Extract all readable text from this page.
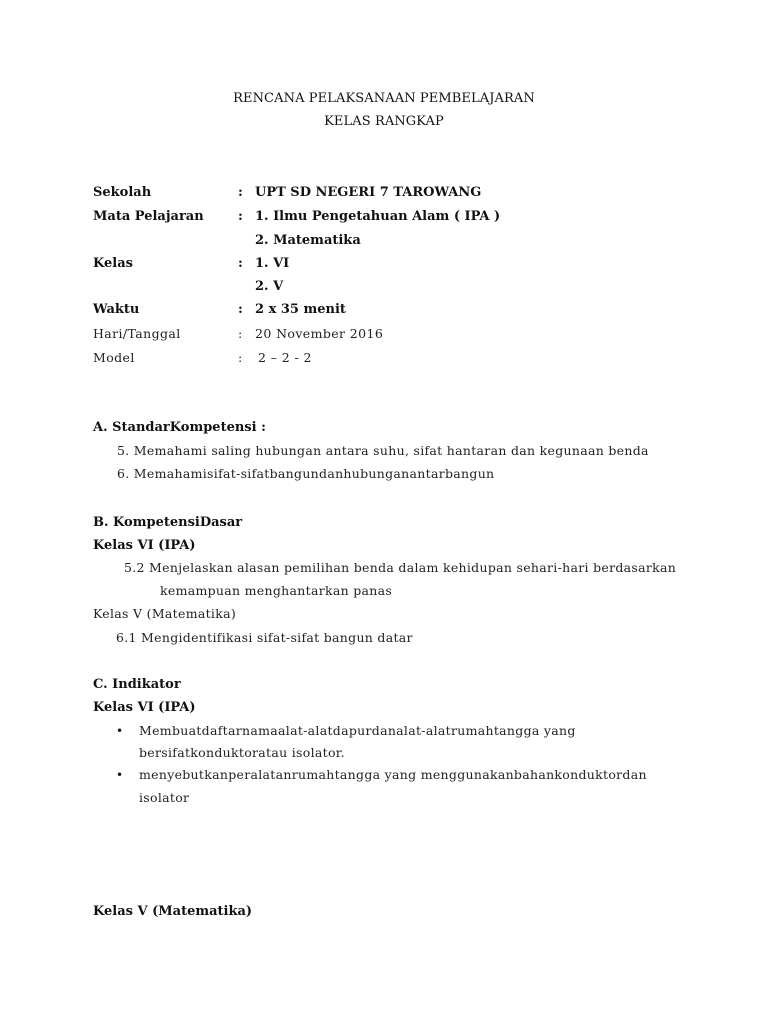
RENCANA PELAKSANAAN PEMBELAJARAN
KELAS RANGKAP
Sekolah	: UPT SD NEGERI 7 TAROWANG
Mata Pelajaran	: 1. Ilmu Pengetahuan Alam ( IPA )
2. Matematika
Kelas	: 1. VI
2. V
Waktu	: 2 x 35 menit
Hari/Tanggal	: 20 November 2016
Model	: 2 – 2 - 2
A. StandarKompetensi :
5. Memahami saling hubungan antara suhu, sifat hantaran dan kegunaan benda
6. Memahamisifat-sifatbangundanhubunganantarbangun
B. KompetensiDasar
Kelas VI (IPA)
5.2 Menjelaskan alasan pemilihan benda dalam kehidupan sehari-hari berdasarkan
kemampuan menghantarkan panas
Kelas V (Matematika)
6.1 Mengidentifikasi sifat-sifat bangun datar
C. Indikator
Kelas VI (IPA)
• Membuatdaftarnamaalat-alatdapurdanalat-alatrumahtangga yang
bersifatkonduktoratau isolator.
• menyebutkanperalatanrumahtangga yang menggunakanbahankonduktordan
isolator
Kelas V (Matematika)
